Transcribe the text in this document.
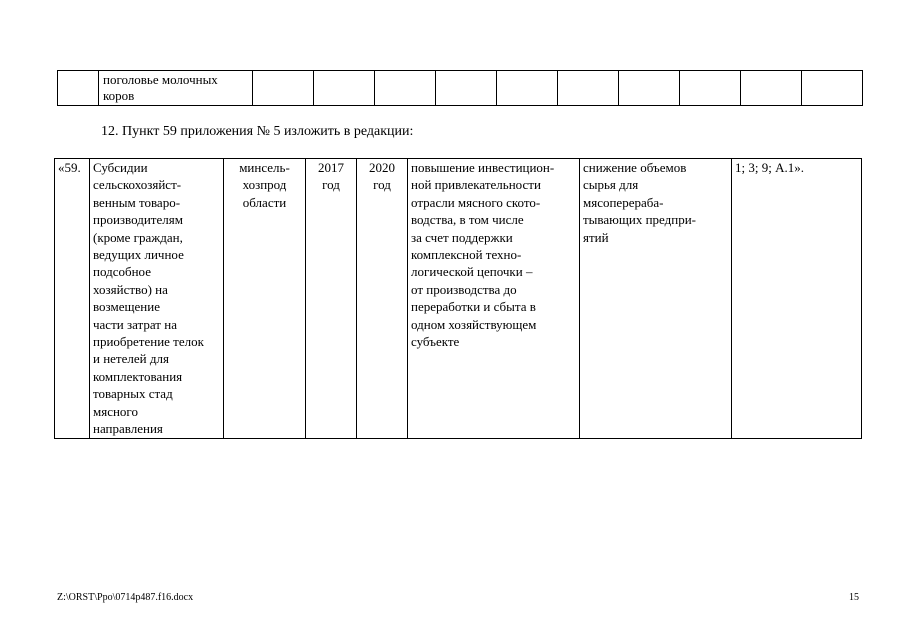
	поголовье молочных
коров										
12. Пункт 59 приложения № 5 изложить в редакции:
«59.	Субсидии
сельскохозяйст-
венным товаро-
производителям
(кроме граждан,
ведущих личное
подсобное
хозяйство) на
возмещение
части затрат на
приобретение телок
и нетелей для
комплектования
товарных стад
мясного
направления	минсель-
хозпрод
области	2017
год	2020
год	повышение инвестицион-
ной привлекательности
отрасли мясного ското-
водства, в том числе
за счет поддержки
комплексной техно-
логической цепочки –
от производства до
переработки и сбыта в
одном хозяйствующем
субъекте	снижение объемов
сырья для
мясоперераба-
тывающих предпри-
ятий	1; 3; 9; А.1».
Z:\ORST\Ppo\0714p487.f16.docx	15
